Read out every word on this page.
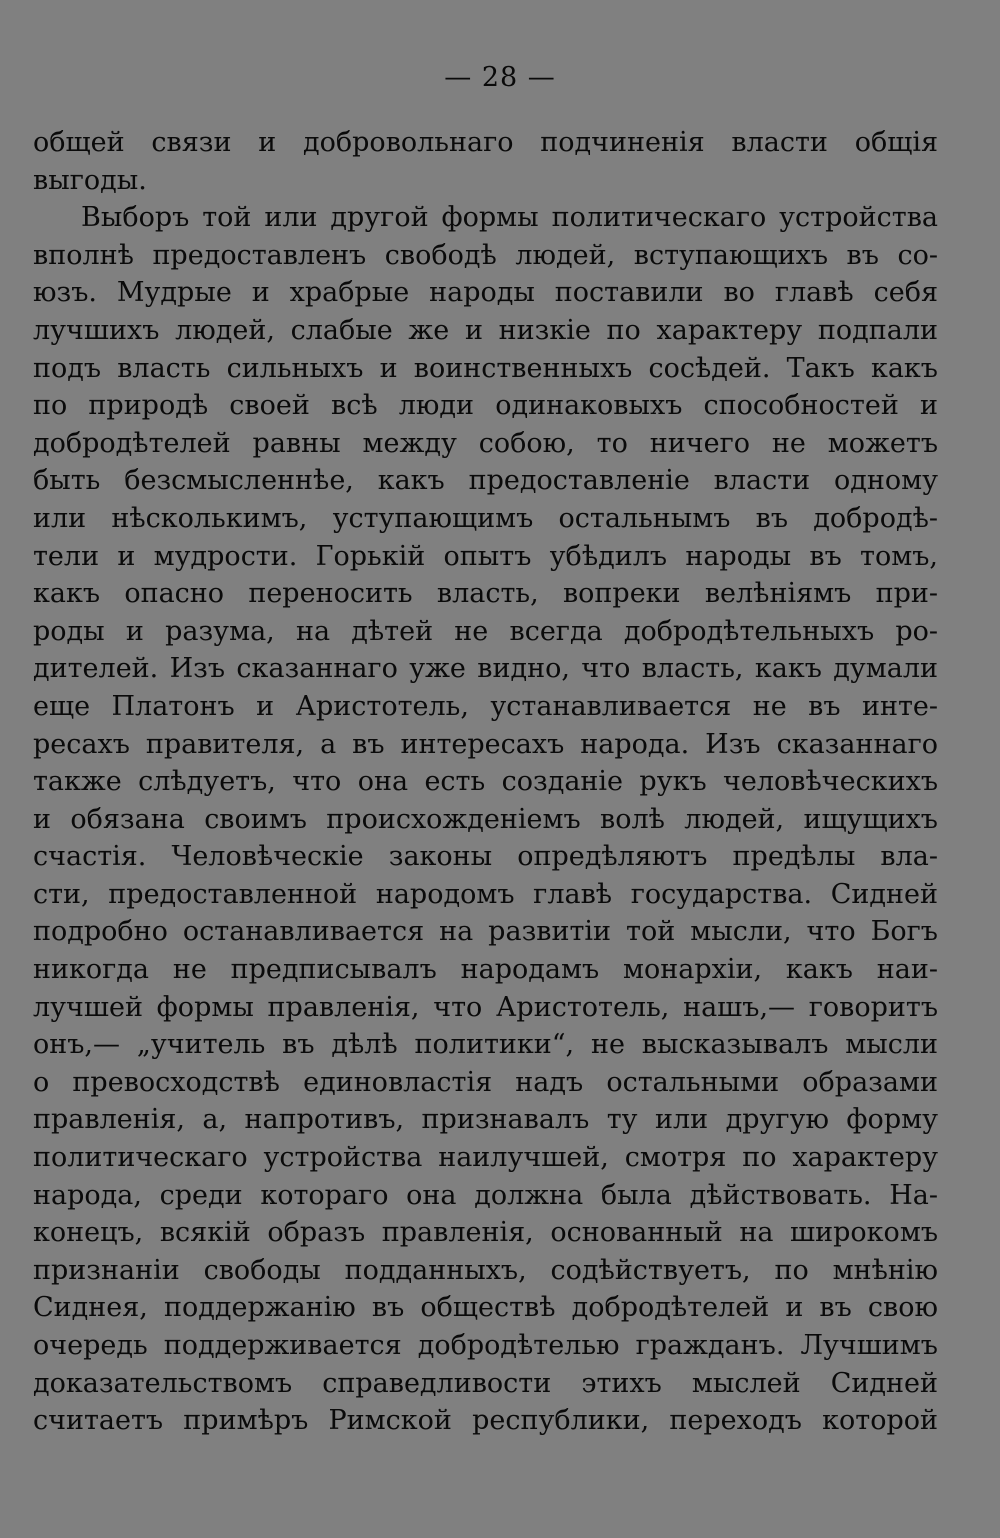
— 28 —
общей связи и добровольнаго подчиненія власти общія
выгоды.
Выборъ той или другой формы политическаго устройства
вполнѣ предоставленъ свободѣ людей, вступающихъ въ со-
юзъ. Мудрые и храбрые народы поставили во главѣ себя
лучшихъ людей, слабые же и низкіе по характеру подпали
подъ власть сильныхъ и воинственныхъ сосѣдей. Такъ какъ
по природѣ своей всѣ люди одинаковыхъ способностей и
добродѣтелей равны между собою, то ничего не можетъ
быть безсмысленнѣе, какъ предоставленіе власти одному
или нѣсколькимъ, уступающимъ остальнымъ въ добродѣ-
тели и мудрости. Горькій опытъ убѣдилъ народы въ томъ,
какъ опасно переносить власть, вопреки велѣніямъ при-
роды и разума, на дѣтей не всегда добродѣтельныхъ ро-
дителей. Изъ сказаннаго уже видно, что власть, какъ думали
еще Платонъ и Аристотель, устанавливается не въ инте-
ресахъ правителя, а въ интересахъ народа. Изъ сказаннаго
также слѣдуетъ, что она есть созданіе рукъ человѣческихъ
и обязана своимъ происхожденіемъ волѣ людей, ищущихъ
счастія. Человѣческіе законы опредѣляютъ предѣлы вла-
сти, предоставленной народомъ главѣ государства. Сидней
подробно останавливается на развитіи той мысли, что Богъ
никогда не предписывалъ народамъ монархіи, какъ наи-
лучшей формы правленія, что Аристотель, нашъ,— говоритъ
онъ,— „учитель въ дѣлѣ политики“, не высказывалъ мысли
о превосходствѣ единовластія надъ остальными образами
правленія, а, напротивъ, признавалъ ту или другую форму
политическаго устройства наилучшей, смотря по характеру
народа, среди котораго она должна была дѣйствовать. На-
конецъ, всякій образъ правленія, основанный на широкомъ
признаніи свободы подданныхъ, содѣйствуетъ, по мнѣнію
Сиднея, поддержанію въ обществѣ добродѣтелей и въ свою
очередь поддерживается добродѣтелью гражданъ. Лучшимъ
доказательствомъ справедливости этихъ мыслей Сидней
считаетъ примѣръ Римской республики, переходъ которой
